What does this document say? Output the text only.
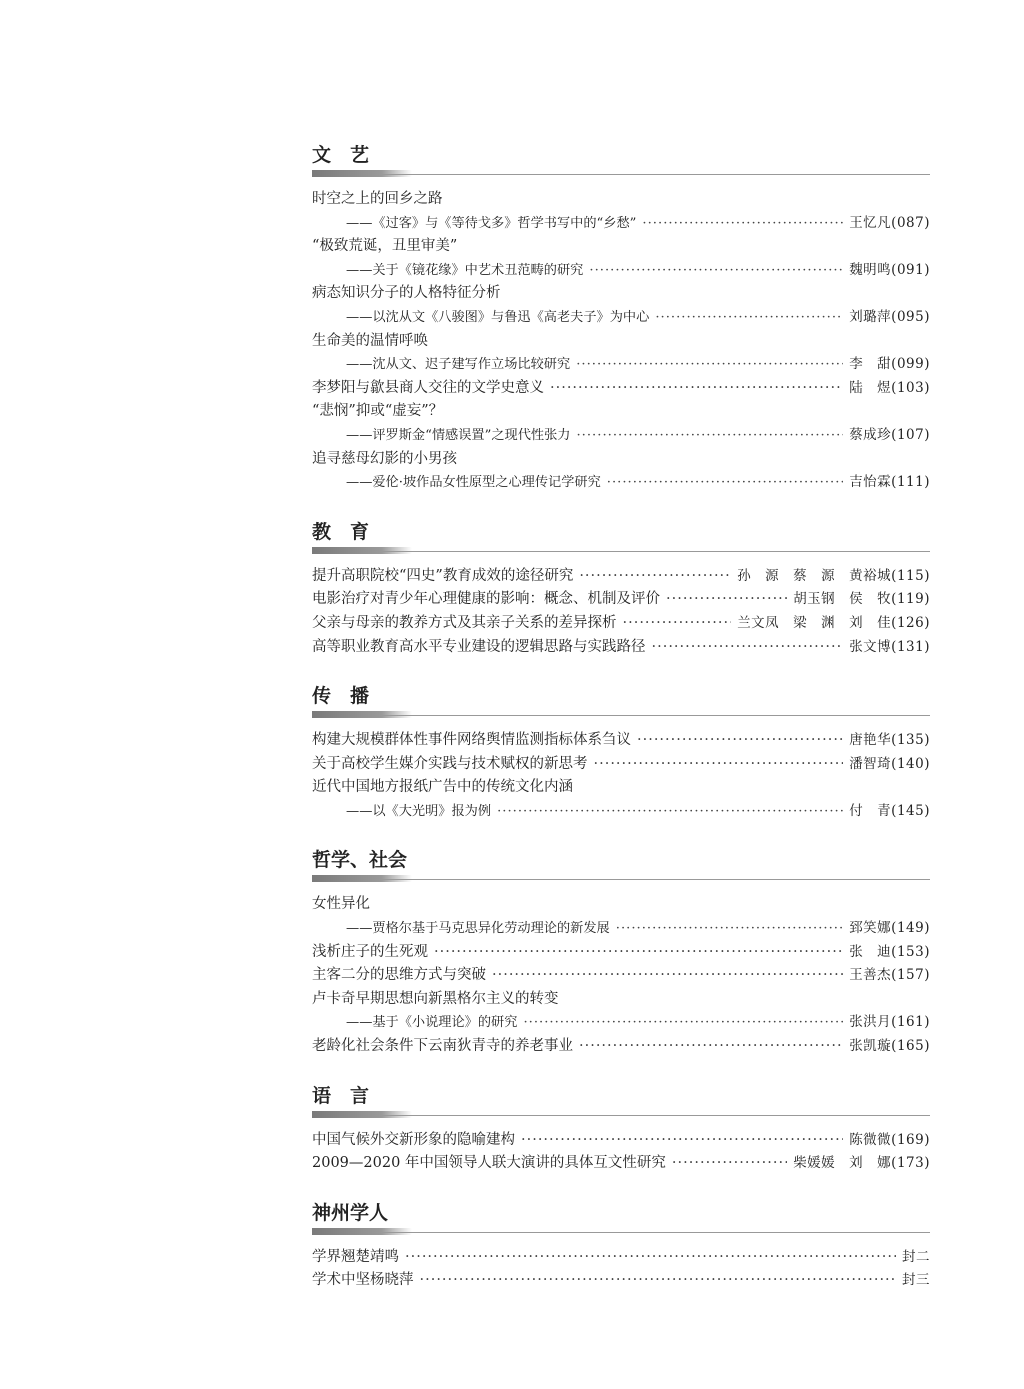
文　艺
时空之上的回乡之路
——《过客》与《等待戈多》哲学书写中的“乡愁” ·····	王忆凡(087)
“极致荒诞，丑里审美”
——关于《镜花缘》中艺术丑范畴的研究 ·····	魏明鸣(091)
病态知识分子的人格特征分析
——以沈从文《八骏图》与鲁迅《高老夫子》为中心 ·····	刘璐萍(095)
生命美的温情呼唤
——沈从文、迟子建写作立场比较研究 ·····	李　甜(099)
李梦阳与歙县商人交往的文学史意义 ·····	陆　煜(103)
“悲悯”抑或“虚妄”？
——评罗斯金“情感误置”之现代性张力 ·····	蔡成珍(107)
追寻慈母幻影的小男孩
——爱伦·坡作品女性原型之心理传记学研究 ·····	吉怡霖(111)
教　育
提升高职院校“四史”教育成效的途径研究 ·····	孙　源　蔡　源　黄裕城(115)
电影治疗对青少年心理健康的影响：概念、机制及评价 ·····	胡玉钢　侯　牧(119)
父亲与母亲的教养方式及其亲子关系的差异探析 ·····	兰文凤　梁　渊　刘　佳(126)
高等职业教育高水平专业建设的逻辑思路与实践路径 ·····	张文博(131)
传　播
构建大规模群体性事件网络舆情监测指标体系刍议 ·····	唐艳华(135)
关于高校学生媒介实践与技术赋权的新思考 ·····	潘智琦(140)
近代中国地方报纸广告中的传统文化内涵
——以《大光明》报为例 ·····	付　青(145)
哲学、社会
女性异化
——贾格尔基于马克思异化劳动理论的新发展 ·····	郅笑娜(149)
浅析庄子的生死观 ·····	张　迪(153)
主客二分的思维方式与突破 ·····	王善杰(157)
卢卡奇早期思想向新黑格尔主义的转变
——基于《小说理论》的研究 ·····	张洪月(161)
老龄化社会条件下云南狄青寺的养老事业 ·····	张凯璇(165)
语　言
中国气候外交新形象的隐喻建构 ·····	陈微微(169)
2009—2020 年中国领导人联大演讲的具体互文性研究 ·····	柴媛媛　刘　娜(173)
神州学人
学界翘楚靖鸣 ·····	封二
学术中坚杨晓萍 ·····	封三
